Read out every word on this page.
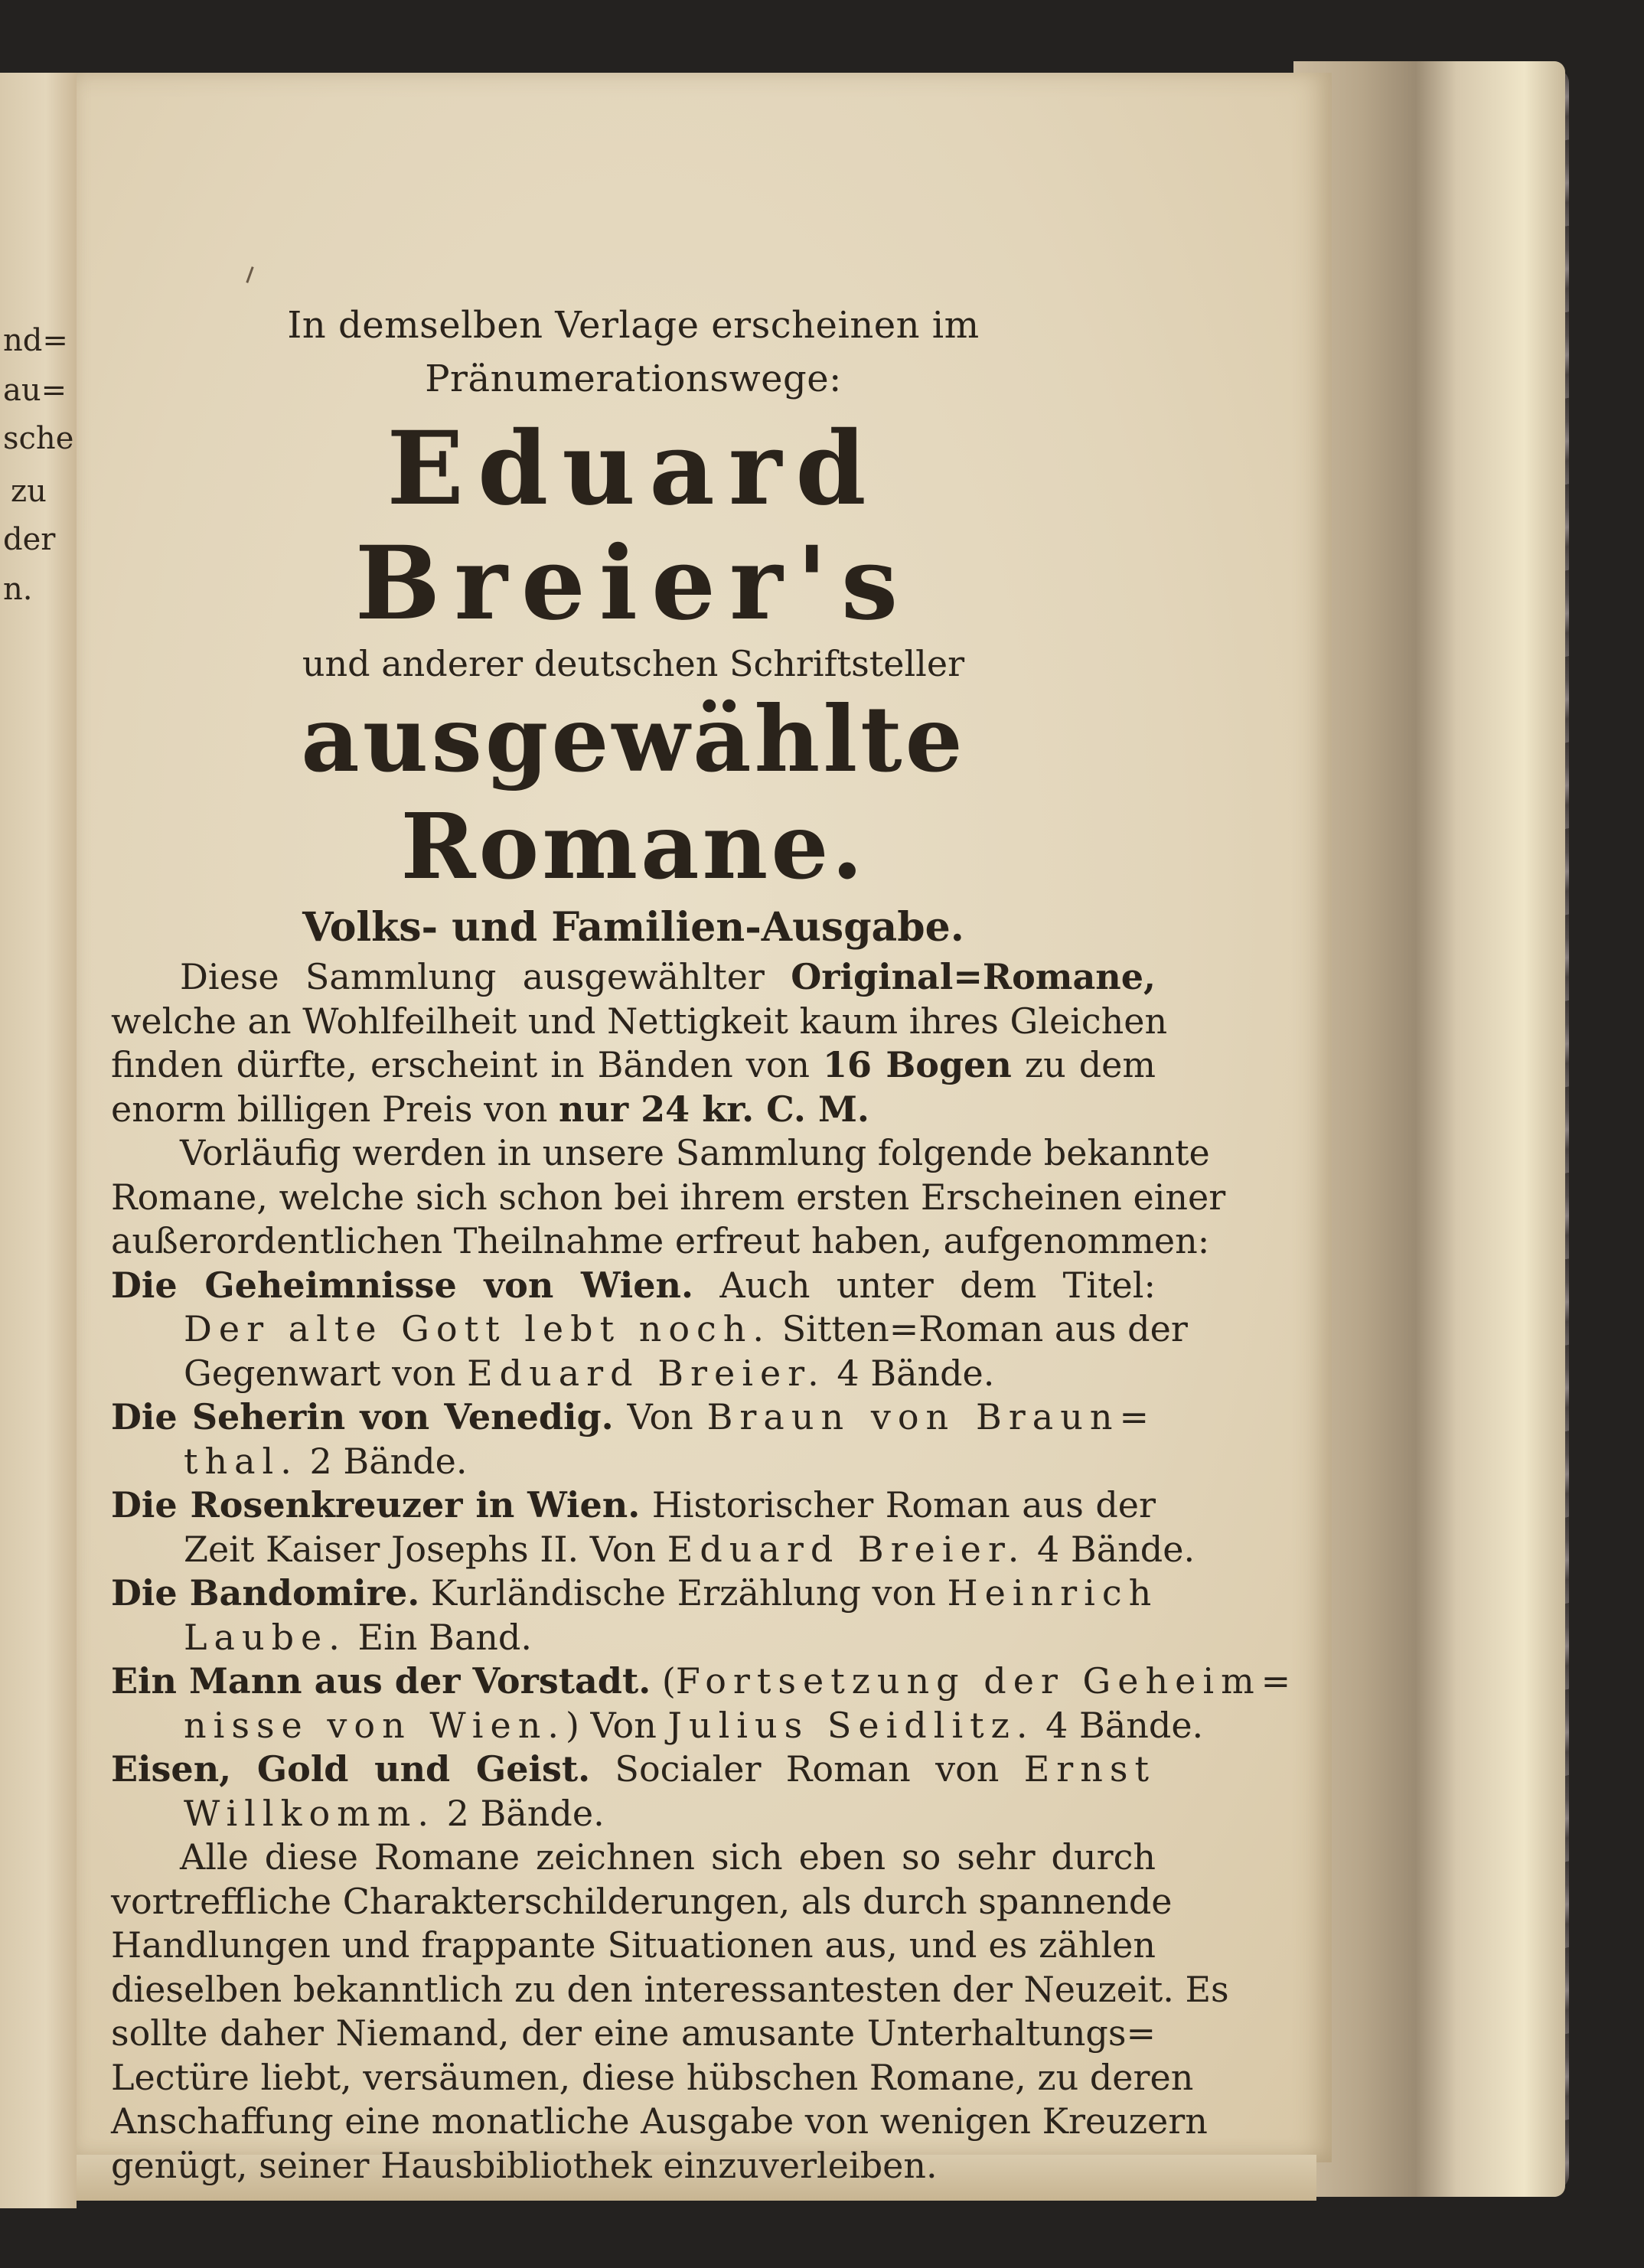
nd=
au=
sche
zu
der
n.
In demselben Verlage erscheinen im Pränumerationswege:
Eduard Breier's
und anderer deutschen Schriftsteller
ausgewählte Romane.
Volks- und Familien-Ausgabe.
Diese Sammlung ausgewählter Original=Romane,
welche an Wohlfeilheit und Nettigkeit kaum ihres Gleichen
finden dürfte, erscheint in Bänden von 16 Bogen zu dem
enorm billigen Preis von nur 24 kr. C. M.
Vorläufig werden in unsere Sammlung folgende bekannte
Romane, welche sich schon bei ihrem ersten Erscheinen einer
außerordentlichen Theilnahme erfreut haben, aufgenommen:
Die Geheimnisse von Wien. Auch unter dem Titel:
Der alte Gott lebt noch. Sitten=Roman aus der
Gegenwart von Eduard Breier. 4 Bände.
Die Seherin von Venedig. Von Braun von Braun=
thal. 2 Bände.
Die Rosenkreuzer in Wien. Historischer Roman aus der
Zeit Kaiser Josephs II. Von Eduard Breier. 4 Bände.
Die Bandomire. Kurländische Erzählung von Heinrich
Laube. Ein Band.
Ein Mann aus der Vorstadt. (Fortsetzung der Geheim=
nisse von Wien.) Von Julius Seidlitz. 4 Bände.
Eisen, Gold und Geist. Socialer Roman von Ernst
Willkomm. 2 Bände.
Alle diese Romane zeichnen sich eben so sehr durch
vortreffliche Charakterschilderungen, als durch spannende
Handlungen und frappante Situationen aus, und es zählen
dieselben bekanntlich zu den interessantesten der Neuzeit. Es
sollte daher Niemand, der eine amusante Unterhaltungs=
Lectüre liebt, versäumen, diese hübschen Romane, zu deren
Anschaffung eine monatliche Ausgabe von wenigen Kreuzern
genügt, seiner Hausbibliothek einzuverleiben.
